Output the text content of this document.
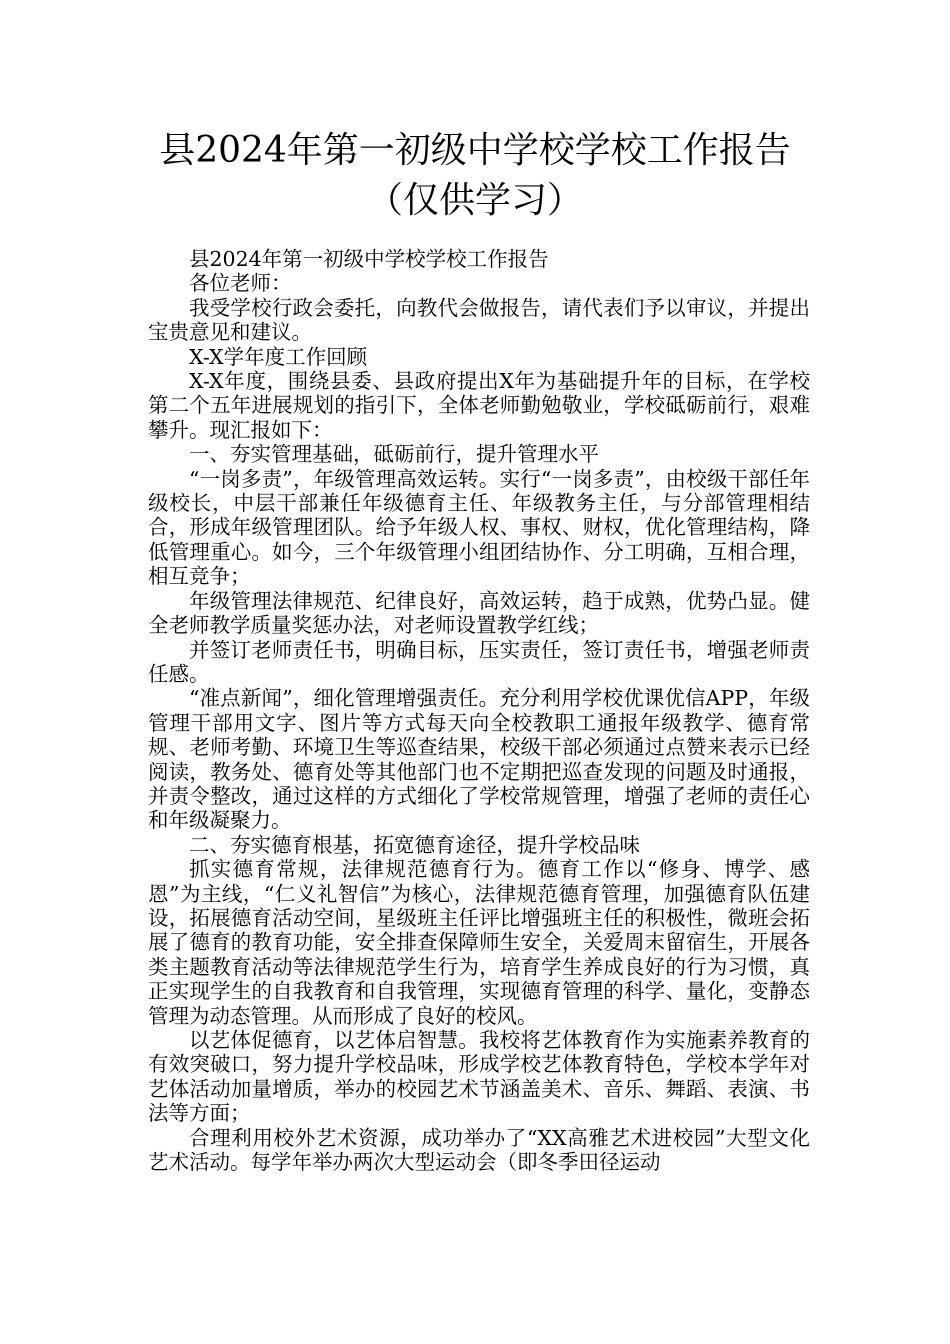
县2024年第一初级中学校学校工作报告
（仅供学习）

县2024年第一初级中学校学校工作报告

各位老师：

我受学校行政会委托，向教代会做报告，请代表们予以审议，并提出宝贵意见和建议。

X-X学年度工作回顾

X-X年度，围绕县委、县政府提出X年为基础提升年的目标，在学校第二个五年进展规划的指引下，全体老师勤勉敬业，学校砥砺前行，艰难攀升。现汇报如下：

一、夯实管理基础，砥砺前行，提升管理水平

“一岗多责”，年级管理高效运转。实行“一岗多责”，由校级干部任年级校长，中层干部兼任年级德育主任、年级教务主任，与分部管理相结合，形成年级管理团队。给予年级人权、事权、财权，优化管理结构，降低管理重心。如今，三个年级管理小组团结协作、分工明确，互相合理，相互竞争；

年级管理法律规范、纪律良好，高效运转，趋于成熟，优势凸显。健全老师教学质量奖惩办法，对老师设置教学红线；

并签订老师责任书，明确目标，压实责任，签订责任书，增强老师责任感。

“准点新闻”，细化管理增强责任。充分利用学校优课优信APP，年级管理干部用文字、图片等方式每天向全校教职工通报年级教学、德育常规、老师考勤、环境卫生等巡查结果，校级干部必须通过点赞来表示已经阅读，教务处、德育处等其他部门也不定期把巡查发现的问题及时通报，并责令整改，通过这样的方式细化了学校常规管理，增强了老师的责任心和年级凝聚力。

二、夯实德育根基，拓宽德育途径，提升学校品味

抓实德育常规，法律规范德育行为。德育工作以“修身、博学、感恩”为主线，“仁义礼智信”为核心，法律规范德育管理，加强德育队伍建设，拓展德育活动空间，星级班主任评比增强班主任的积极性，微班会拓展了德育的教育功能，安全排查保障师生安全，关爱周末留宿生，开展各类主题教育活动等法律规范学生行为，培育学生养成良好的行为习惯，真正实现学生的自我教育和自我管理，实现德育管理的科学、量化，变静态管理为动态管理。从而形成了良好的校风。

以艺体促德育，以艺体启智慧。我校将艺体教育作为实施素养教育的有效突破口，努力提升学校品味，形成学校艺体教育特色，学校本学年对艺体活动加量增质，举办的校园艺术节涵盖美术、音乐、舞蹈、表演、书法等方面；

合理利用校外艺术资源，成功举办了“XX高雅艺术进校园”大型文化艺术活动。每学年举办两次大型运动会（即冬季田径运动
